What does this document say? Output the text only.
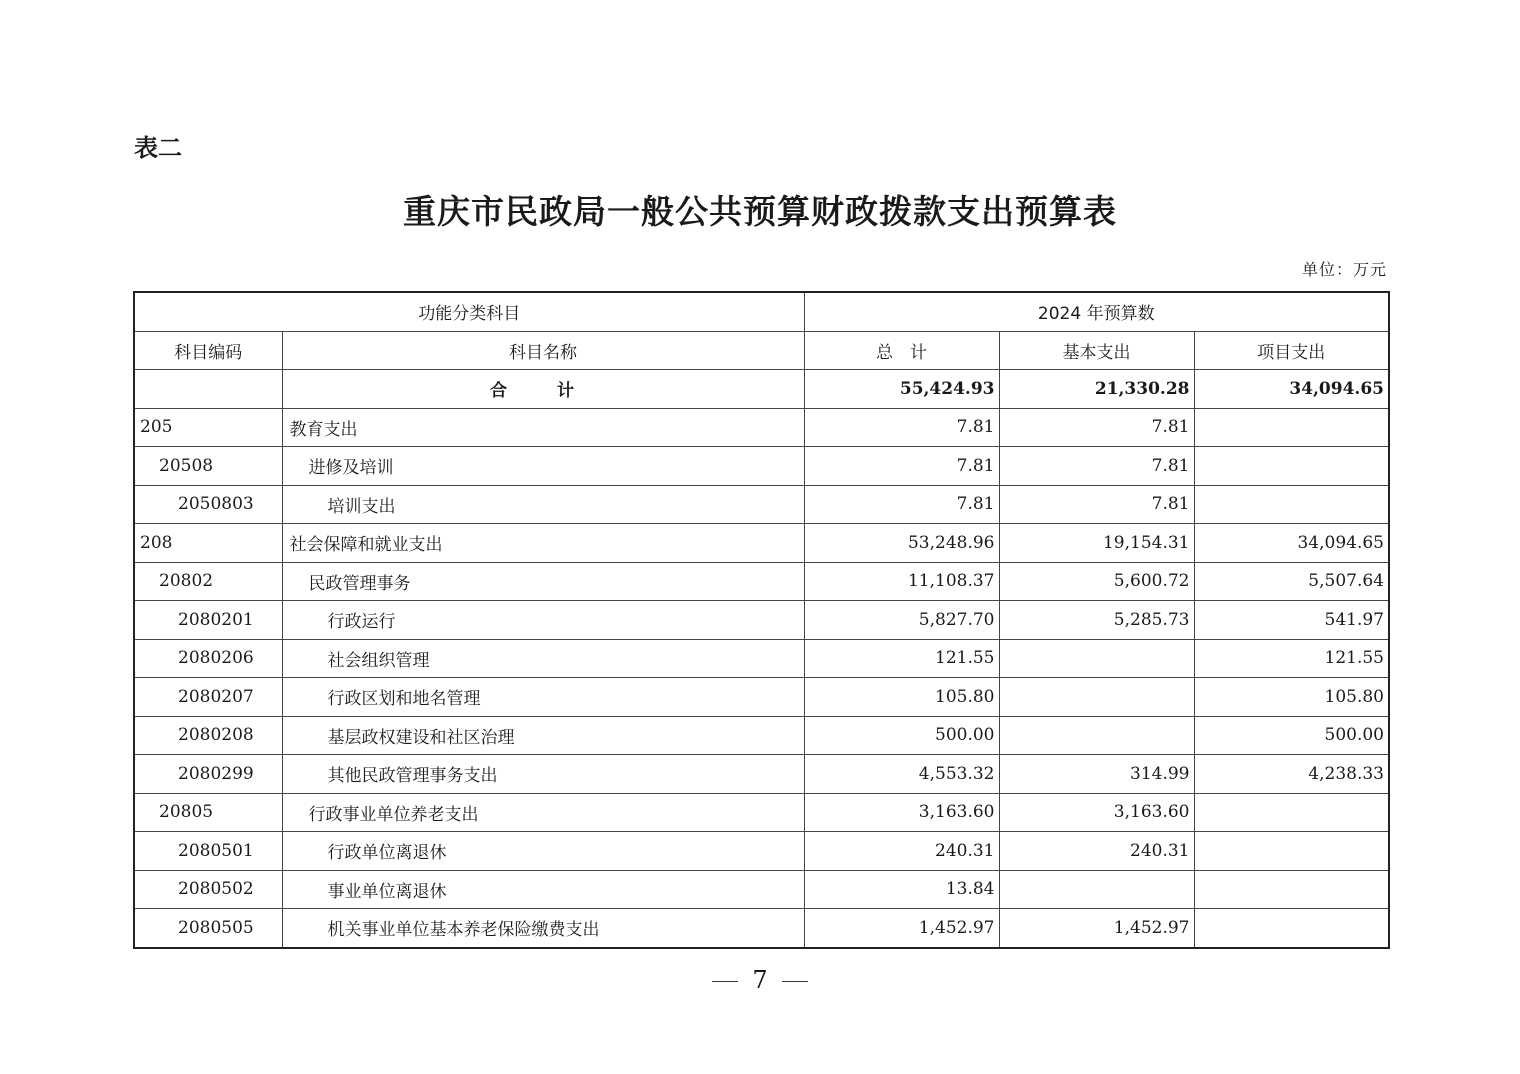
表二
重庆市民政局一般公共预算财政拨款支出预算表
单位：万元
功能分类科目		2024 年预算数		
科目编码	科目名称	总　计	基本支出	项目支出
	合 计	55,424.93	21,330.28	34,094.65
205	教育支出	7.81	7.81	
20508	进修及培训	7.81	7.81	
2050803	培训支出	7.81	7.81	
208	社会保障和就业支出	53,248.96	19,154.31	34,094.65
20802	民政管理事务	11,108.37	5,600.72	5,507.64
2080201	行政运行	5,827.70	5,285.73	541.97
2080206	社会组织管理	121.55		121.55
2080207	行政区划和地名管理	105.80		105.80
2080208	基层政权建设和社区治理	500.00		500.00
2080299	其他民政管理事务支出	4,553.32	314.99	4,238.33
20805	行政事业单位养老支出	3,163.60	3,163.60	
2080501	行政单位离退休	240.31	240.31	
2080502	事业单位离退休	13.84		
2080505	机关事业单位基本养老保险缴费支出	1,452.97	1,452.97	
7
